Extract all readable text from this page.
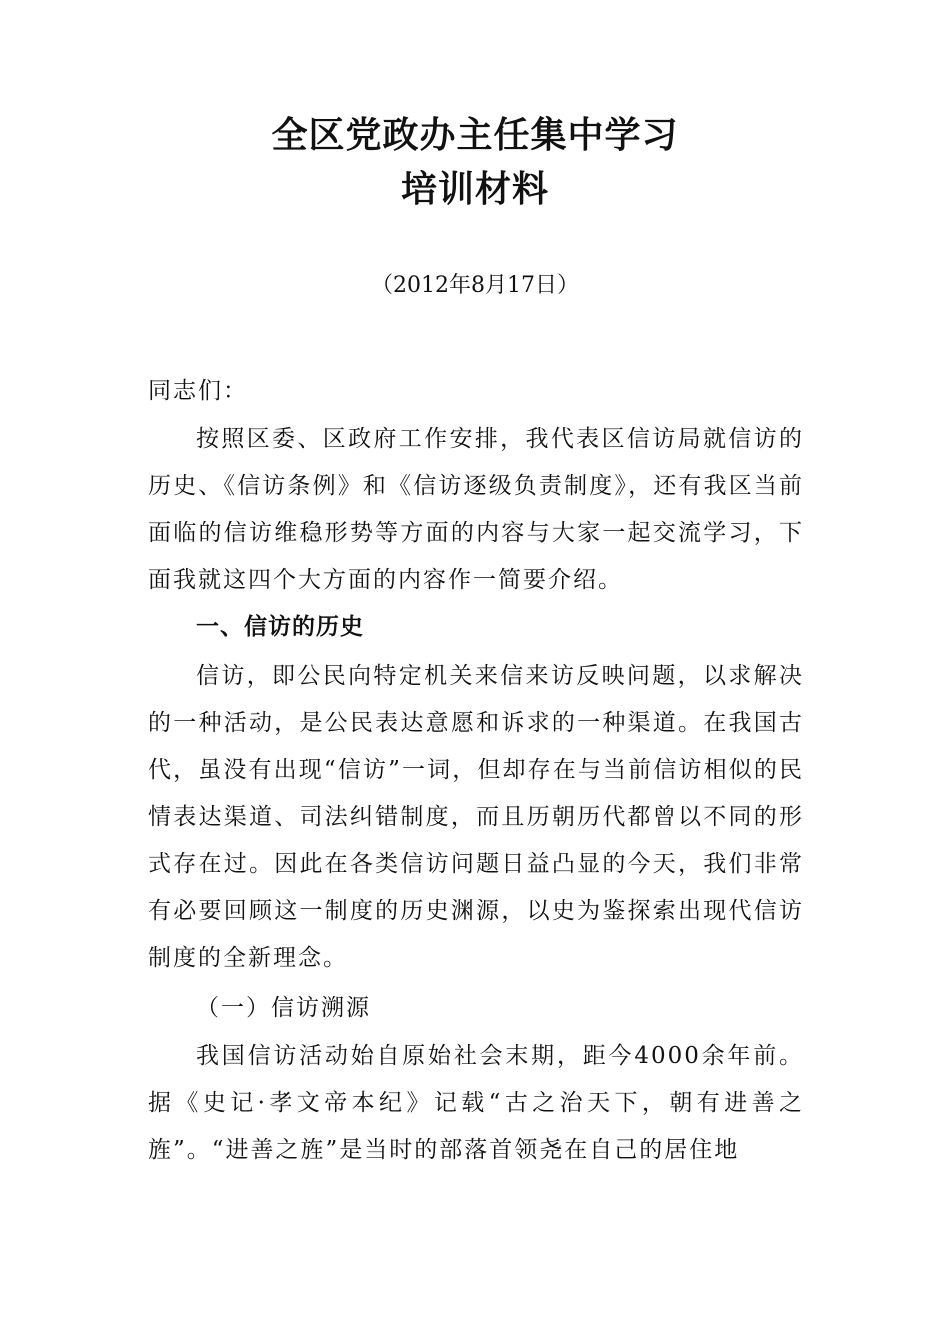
全区党政办主任集中学习
培训材料
（2012年8月17日）
同志们：
按照区委、区政府工作安排，我代表区信访局就信访的历史、《信访条例》和《信访逐级负责制度》，还有我区当前面临的信访维稳形势等方面的内容与大家一起交流学习，下面我就这四个大方面的内容作一简要介绍。
一、信访的历史
信访，即公民向特定机关来信来访反映问题，以求解决的一种活动，是公民表达意愿和诉求的一种渠道。在我国古代，虽没有出现“信访”一词，但却存在与当前信访相似的民情表达渠道、司法纠错制度，而且历朝历代都曾以不同的形式存在过。因此在各类信访问题日益凸显的今天，我们非常有必要回顾这一制度的历史渊源，以史为鉴探索出现代信访制度的全新理念。
（一）信访溯源
我国信访活动始自原始社会末期，距今4000余年前。据《史记·孝文帝本纪》记载“古之治天下，朝有进善之旌”。“进善之旌”是当时的部落首领尧在自己的居住地
